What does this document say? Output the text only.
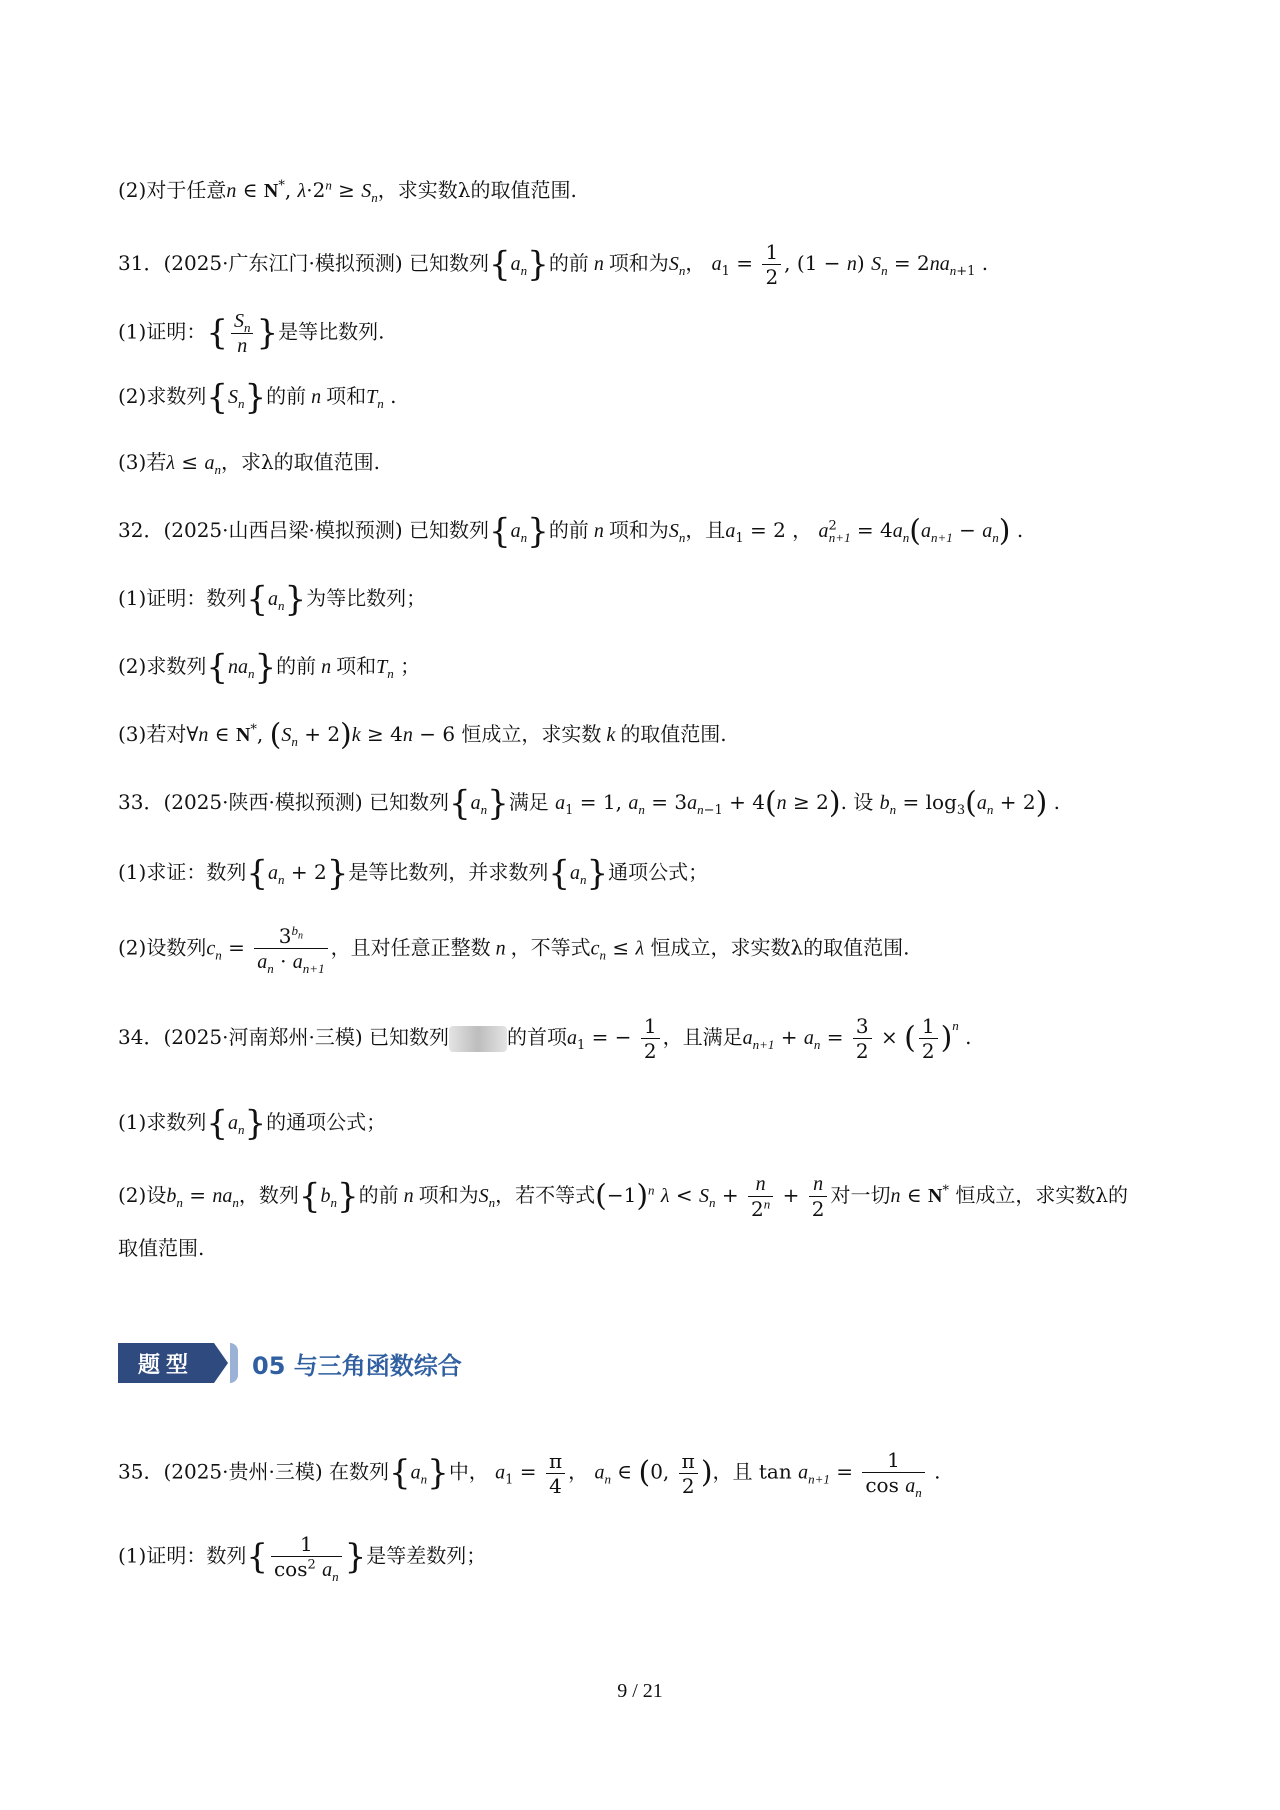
(2)对于任意n ∈ N*, $\lambda\cdot 2^n \ge S_n$，求实数λ的取值范围.
31．(2025·广东江门·模拟预测) 已知数列$\{a_n\}$的前 n 项和为$S_n$， $a_1 = \frac{1}{2}$ , (1 − n) $S_n = 2na_{n+1}$ .
(1)证明：{ $\frac{S_n}{n}$ }是等比数列.
(2)求数列$\{S_n\}$的前 n 项和$T_n$ .
(3)若$\lambda \le a_n$，求λ的取值范围.
32．(2025·山西吕梁·模拟预测) 已知数列$\{a_n\}$的前 n 项和为$S_n$，且$a_1 = 2$ ， $a^2_{n+1} = 4a_n(a_{n+1} - a_n)$ .
(1)证明：数列$\{a_n\}$为等比数列；
(2)求数列$\{na_n\}$的前 n 项和$T_n$ ；
(3)若对∀n ∈ N*, $(S_n + 2)k \ge 4n - 6$ 恒成立，求实数 k 的取值范围.
33．(2025·陕西·模拟预测) 已知数列$\{a_n\}$满足 $a_1 = 1$, $a_n = 3a_{n-1} + 4(n \ge 2)$. 设 $b_n = \log_3(a_n + 2)$ .
(1)求证：数列$\{a_n + 2\}$是等比数列，并求数列$\{a_n\}$通项公式；
(2)设数列$c_n = \frac{3^{b_n}}{a_n \cdot a_{n+1}}$ ，且对任意正整数 n ，不等式$c_n \le \lambda$ 恒成立，求实数λ的取值范围.
34．(2025·河南郑州·三模) 已知数列	的首项$a_1$ = − $\frac{1}{2}$ ，且满足$a_{n+1} + a_n = \frac{3}{2}$ × ( $\frac{1}{2} )^n$ .
(1)求数列$\{a_n\}$的通项公式；
(2)设$b_n = na_n$，数列$\{b_n\}$的前 n 项和为$S_n$，若不等式$(-1)^n$ $\lambda < S_n + \frac{n}{2^n} + \frac{n}{2}$ 对一切n ∈ N* 恒成立，求实数λ的
取值范围.
题型	05 与三角函数综合
35．(2025·贵州·三模) 在数列$\{a_n\}$中， $a_1 = \frac{\pi}{4}$ ， $a_n$ ∈ (0, $\frac{\pi}{2}$ )，且 $\tan a_{n+1} = \frac{1}{\cos a_n}$ .
(1)证明：数列{ $\frac{1}{\cos^2 a_n}$ }是等差数列；
9 / 21
